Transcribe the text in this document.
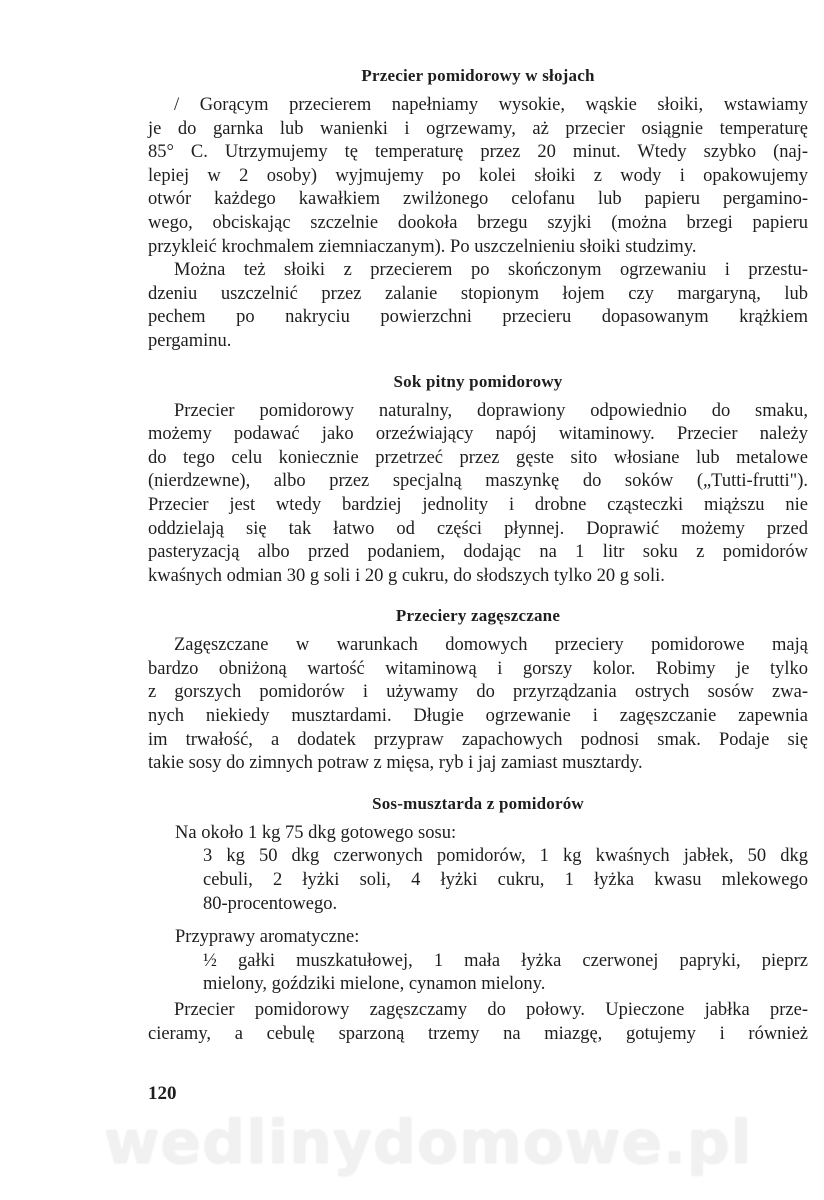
Przecier pomidorowy w słojach
/ Gorącym przecierem napełniamy wysokie, wąskie słoiki, wstawiamy
je do garnka lub wanienki i ogrzewamy, aż przecier osiągnie temperaturę
85° C. Utrzymujemy tę temperaturę przez 20 minut. Wtedy szybko (naj-
lepiej w 2 osoby) wyjmujemy po kolei słoiki z wody i opakowujemy
otwór każdego kawałkiem zwilżonego celofanu lub papieru pergamino-
wego, obciskając szczelnie dookoła brzegu szyjki (można brzegi papieru
przykleić krochmalem ziemniaczanym). Po uszczelnieniu słoiki studzimy.
Można też słoiki z przecierem po skończonym ogrzewaniu i przestu-
dzeniu uszczelnić przez zalanie stopionym łojem czy margaryną, lub
pechem po nakryciu powierzchni przecieru dopasowanym krążkiem
pergaminu.
Sok pitny pomidorowy
Przecier pomidorowy naturalny, doprawiony odpowiednio do smaku,
możemy podawać jako orzeźwiający napój witaminowy. Przecier należy
do tego celu koniecznie przetrzeć przez gęste sito włosiane lub metalowe
(nierdzewne), albo przez specjalną maszynkę do soków („Tutti-frutti").
Przecier jest wtedy bardziej jednolity i drobne cząsteczki miąższu nie
oddzielają się tak łatwo od części płynnej. Doprawić możemy przed
pasteryzacją albo przed podaniem, dodając na 1 litr soku z pomidorów
kwaśnych odmian 30 g soli i 20 g cukru, do słodszych tylko 20 g soli.
Przeciery zagęszczane
Zagęszczane w warunkach domowych przeciery pomidorowe mają
bardzo obniżoną wartość witaminową i gorszy kolor. Robimy je tylko
z gorszych pomidorów i używamy do przyrządzania ostrych sosów zwa-
nych niekiedy musztardami. Długie ogrzewanie i zagęszczanie zapewnia
im trwałość, a dodatek przypraw zapachowych podnosi smak. Podaje się
takie sosy do zimnych potraw z mięsa, ryb i jaj zamiast musztardy.
Sos-musztarda z pomidorów
Na około 1 kg 75 dkg gotowego sosu:
3 kg 50 dkg czerwonych pomidorów, 1 kg kwaśnych jabłek, 50 dkg
cebuli, 2 łyżki soli, 4 łyżki cukru, 1 łyżka kwasu mlekowego
80-procentowego.
Przyprawy aromatyczne:
½ gałki muszkatułowej, 1 mała łyżka czerwonej papryki, pieprz
mielony, goździki mielone, cynamon mielony.
Przecier pomidorowy zagęszczamy do połowy. Upieczone jabłka prze-
cieramy, a cebulę sparzoną trzemy na miazgę, gotujemy i również
120
wedlinydomowe.pl
